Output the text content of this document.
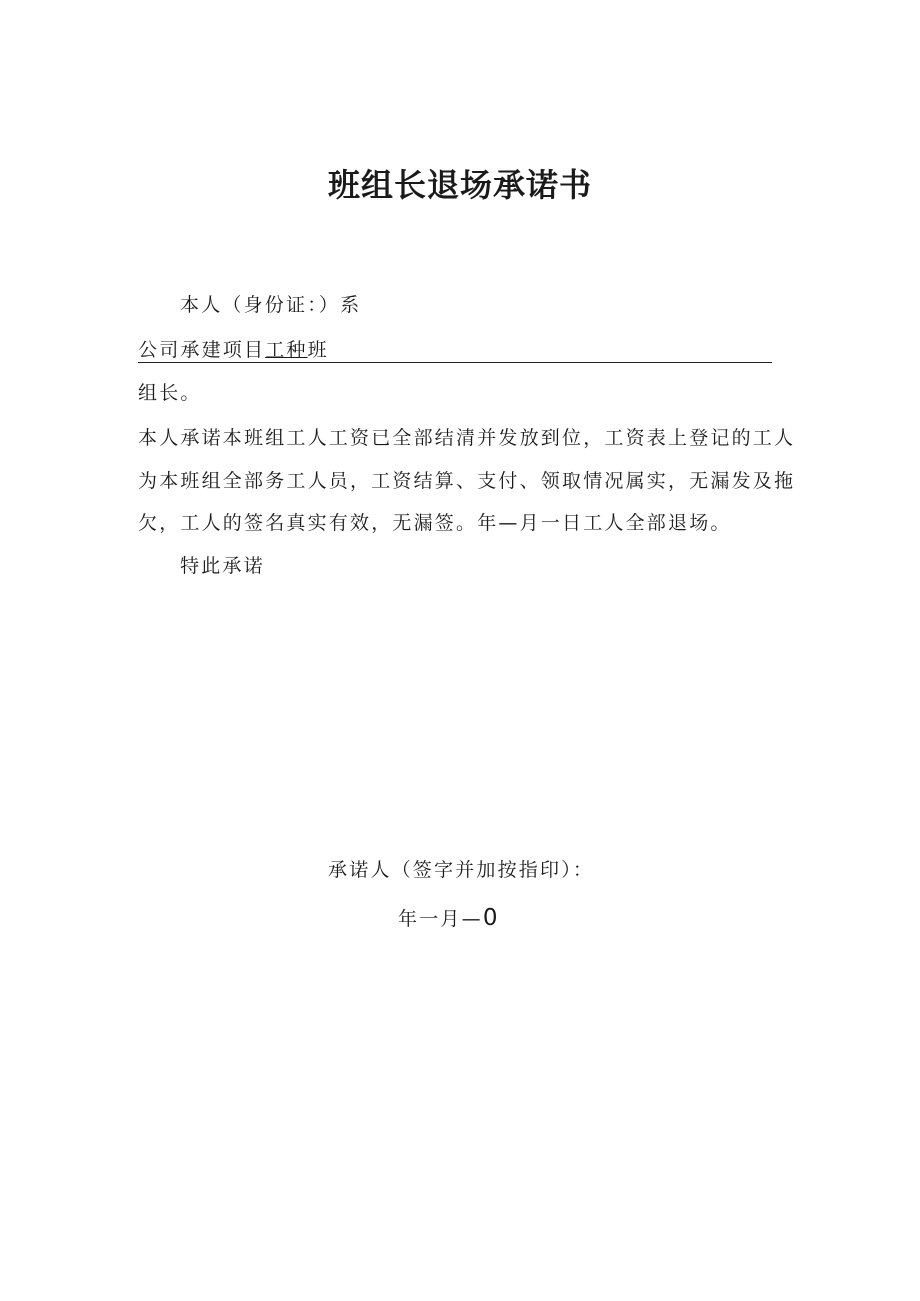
班组长退场承诺书
本人（身份证：）系
公司承建项目工种班
组长。
本人承诺本班组工人工资已全部结清并发放到位，工资表上登记的工人
为本班组全部务工人员，工资结算、支付、领取情况属实，无漏发及拖
欠，工人的签名真实有效，无漏签。年—月一日工人全部退场。
特此承诺
承诺人（签字并加按指印）：
年一月—0
